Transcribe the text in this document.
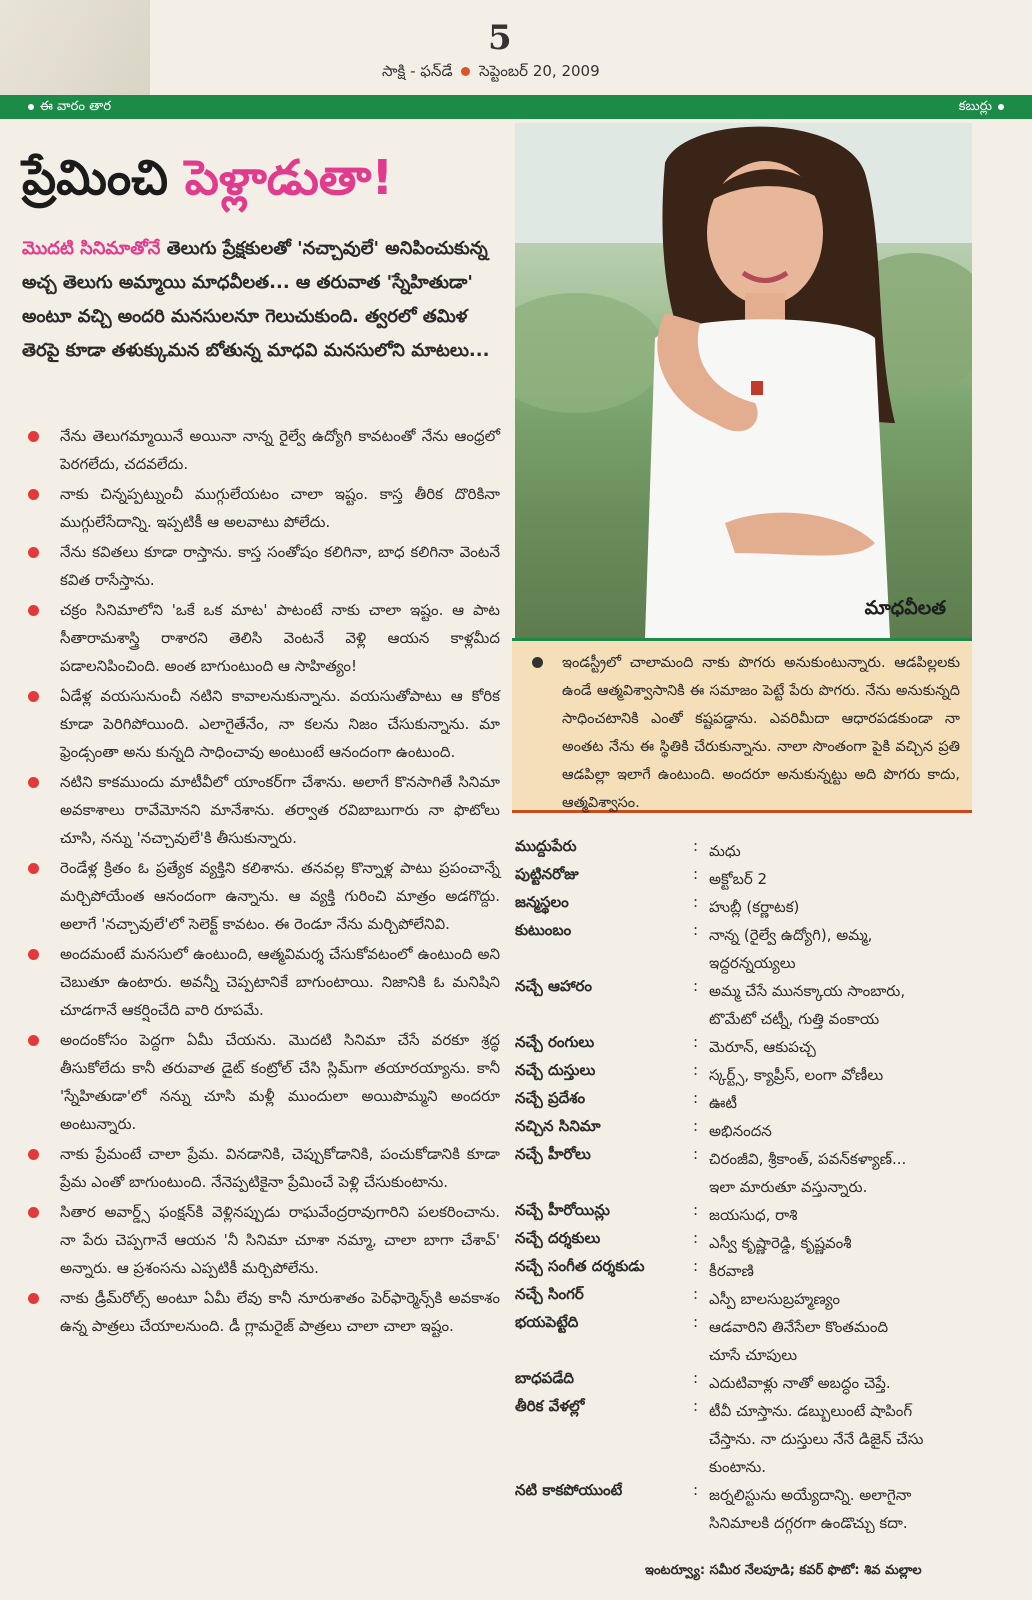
5
సాక్షి - ఫన్‌డే సెప్టెంబర్ 20, 2009
ఈ వారం తార	కబుర్లు
ప్రేమించి పెళ్లాడుతా!
మొదటి సినిమాతోనే తెలుగు ప్రేక్షకులతో 'నచ్చావులే' అనిపించుకున్న అచ్చ తెలుగు అమ్మాయి మాధవీలత... ఆ తరువాత 'స్నేహితుడా' అంటూ వచ్చి అందరి మనసులనూ గెలుచుకుంది. త్వరలో తమిళ తెరపై కూడా తళుక్కుమన బోతున్న మాధవి మనసులోని మాటలు...
నేను తెలుగమ్మాయినే అయినా నాన్న రైల్వే ఉద్యోగి కావటంతో నేను ఆంధ్రలో పెరగలేదు, చదవలేదు.
నాకు చిన్నప్పట్నుంచీ ముగ్గులేయటం చాలా ఇష్టం. కాస్త తీరిక దొరికినా ముగ్గులేసేదాన్ని. ఇప్పటికీ ఆ అలవాటు పోలేదు.
నేను కవితలు కూడా రాస్తాను. కాస్త సంతోషం కలిగినా, బాధ కలిగినా వెంటనే కవిత రాసేస్తాను.
చక్రం సినిమాలోని 'ఒకే ఒక మాట' పాటంటే నాకు చాలా ఇష్టం. ఆ పాట సీతారామశాస్త్రి రాశారని తెలిసి వెంటనే వెళ్లి ఆయన కాళ్లమీద పడాలనిపించింది. అంత బాగుంటుంది ఆ సాహిత్యం!
ఏడేళ్ల వయసునుంచీ నటిని కావాలనుకున్నాను. వయసుతోపాటు ఆ కోరిక కూడా పెరిగిపోయింది. ఎలాగైతేనేం, నా కలను నిజం చేసుకున్నాను. మా ఫ్రెండ్సంతా అను కున్నది సాధించావు అంటుంటే ఆనందంగా ఉంటుంది.
నటిని కాకముందు మాటీవీలో యాంకర్‌గా చేశాను. అలాగే కొనసాగితే సినిమా అవకాశాలు రావేమోనని మానేశాను. తర్వాత రవిబాబుగారు నా ఫొటోలు చూసి, నన్ను 'నచ్చావులే'కి తీసుకున్నారు.
రెండేళ్ల క్రితం ఓ ప్రత్యేక వ్యక్తిని కలిశాను. తనవల్ల కొన్నాళ్ల పాటు ప్రపంచాన్నే మర్చిపోయేంత ఆనందంగా ఉన్నాను. ఆ వ్యక్తి గురించి మాత్రం అడగొద్దు. అలాగే 'నచ్చావులే'లో సెలెక్ట్ కావటం. ఈ రెండూ నేను మర్చిపోలేనివి.
అందమంటే మనసులో ఉంటుంది, ఆత్మవిమర్శ చేసుకోవటంలో ఉంటుంది అని చెబుతూ ఉంటారు. అవన్నీ చెప్పటానికే బాగుంటాయి. నిజానికి ఓ మనిషిని చూడగానే ఆకర్షించేది వారి రూపమే.
అందంకోసం పెద్దగా ఏమీ చేయను. మొదటి సినిమా చేసే వరకూ శ్రద్ధ తీసుకోలేదు కానీ తరువాత డైట్ కంట్రోల్ చేసి స్లిమ్‌గా తయారయ్యాను. కానీ 'స్నేహితుడా'లో నన్ను చూసి మళ్లీ ముందులా అయిపొమ్మని అందరూ అంటున్నారు.
నాకు ప్రేమంటే చాలా ప్రేమ. వినడానికి, చెప్పుకోడానికి, పంచుకోడానికి కూడా ప్రేమ ఎంతో బాగుంటుంది. నేనెప్పటికైనా ప్రేమించే పెళ్లి చేసుకుంటాను.
సితార అవార్డ్స్ ఫంక్షన్‌కి వెళ్లినప్పుడు రాఘవేంద్రరావుగారిని పలకరించాను. నా పేరు చెప్పగానే ఆయన 'నీ సినిమా చూశా నమ్మా, చాలా బాగా చేశావ్' అన్నారు. ఆ ప్రశంసను ఎప్పటికీ మర్చిపోలేను.
నాకు డ్రీమ్‌రోల్స్ అంటూ ఏమీ లేవు కానీ నూరుశాతం పెర్‌ఫార్మెన్స్‌కి అవకాశం ఉన్న పాత్రలు చేయాలనుంది. డీ గ్లామరైజ్ పాత్రలు చాలా చాలా ఇష్టం.
మాధవీలత
ఇండస్ట్రీలో చాలామంది నాకు పొగరు అనుకుంటున్నారు. ఆడపిల్లలకు ఉండే ఆత్మవిశ్వాసానికి ఈ సమాజం పెట్టే పేరు పొగరు. నేను అనుకున్నది సాధించటానికి ఎంతో కష్టపడ్డాను. ఎవరిమీదా ఆధారపడకుండా నా అంతట నేను ఈ స్థితికి చేరుకున్నాను. నాలా సొంతంగా పైకి వచ్చిన ప్రతి ఆడపిల్లా ఇలాగే ఉంటుంది. అందరూ అనుకున్నట్టు అది పొగరు కాదు, ఆత్మవిశ్వాసం.
ముద్దుపేరు	: మధు
పుట్టినరోజు	: అక్టోబర్ 2
జన్మస్థలం	: హుబ్లీ (కర్ణాటక)
కుటుంబం	: నాన్న (రైల్వే ఉద్యోగి), అమ్మ,
ఇద్దరన్నయ్యలు
నచ్చే ఆహారం	: అమ్మ చేసే మునక్కాయ సాంబారు,
టొమేటో చట్నీ, గుత్తి వంకాయ
నచ్చే రంగులు	: మెరూన్, ఆకుపచ్చ
నచ్చే దుస్తులు	: స్కర్ట్స్, క్యాప్రీస్, లంగా వోణీలు
నచ్చే ప్రదేశం	: ఊటీ
నచ్చిన సినిమా	: అభినందన
నచ్చే హీరోలు	: చిరంజీవి, శ్రీకాంత్, పవన్‌కళ్యాణ్...
ఇలా మారుతూ వస్తున్నారు.
నచ్చే హీరోయిన్లు	: జయసుధ, రాశి
నచ్చే దర్శకులు	: ఎస్వీ కృష్ణారెడ్డి, కృష్ణవంశీ
నచ్చే సంగీత దర్శకుడు	: కీరవాణి
నచ్చే సింగర్	: ఎస్పీ బాలసుబ్రహ్మణ్యం
భయపెట్టేది	: ఆడవారిని తినేసేలా కొంతమంది
చూసే చూపులు
బాధపడేది	: ఎదుటివాళ్లు నాతో అబద్ధం చెప్తే.
తీరిక వేళల్లో	: టీవీ చూస్తాను. డబ్బులుంటే షాపింగ్
చేస్తాను. నా దుస్తులు నేనే డిజైన్ చేసు
కుంటాను.
నటి కాకపోయుంటే	: జర్నలిస్టును అయ్యేదాన్ని. అలాగైనా
సినిమాలకి దగ్గరగా ఉండొచ్చు కదా.
ఇంటర్వ్యూ: సమీర నేలపూడి; కవర్ ఫొటో: శివ మల్లాల
